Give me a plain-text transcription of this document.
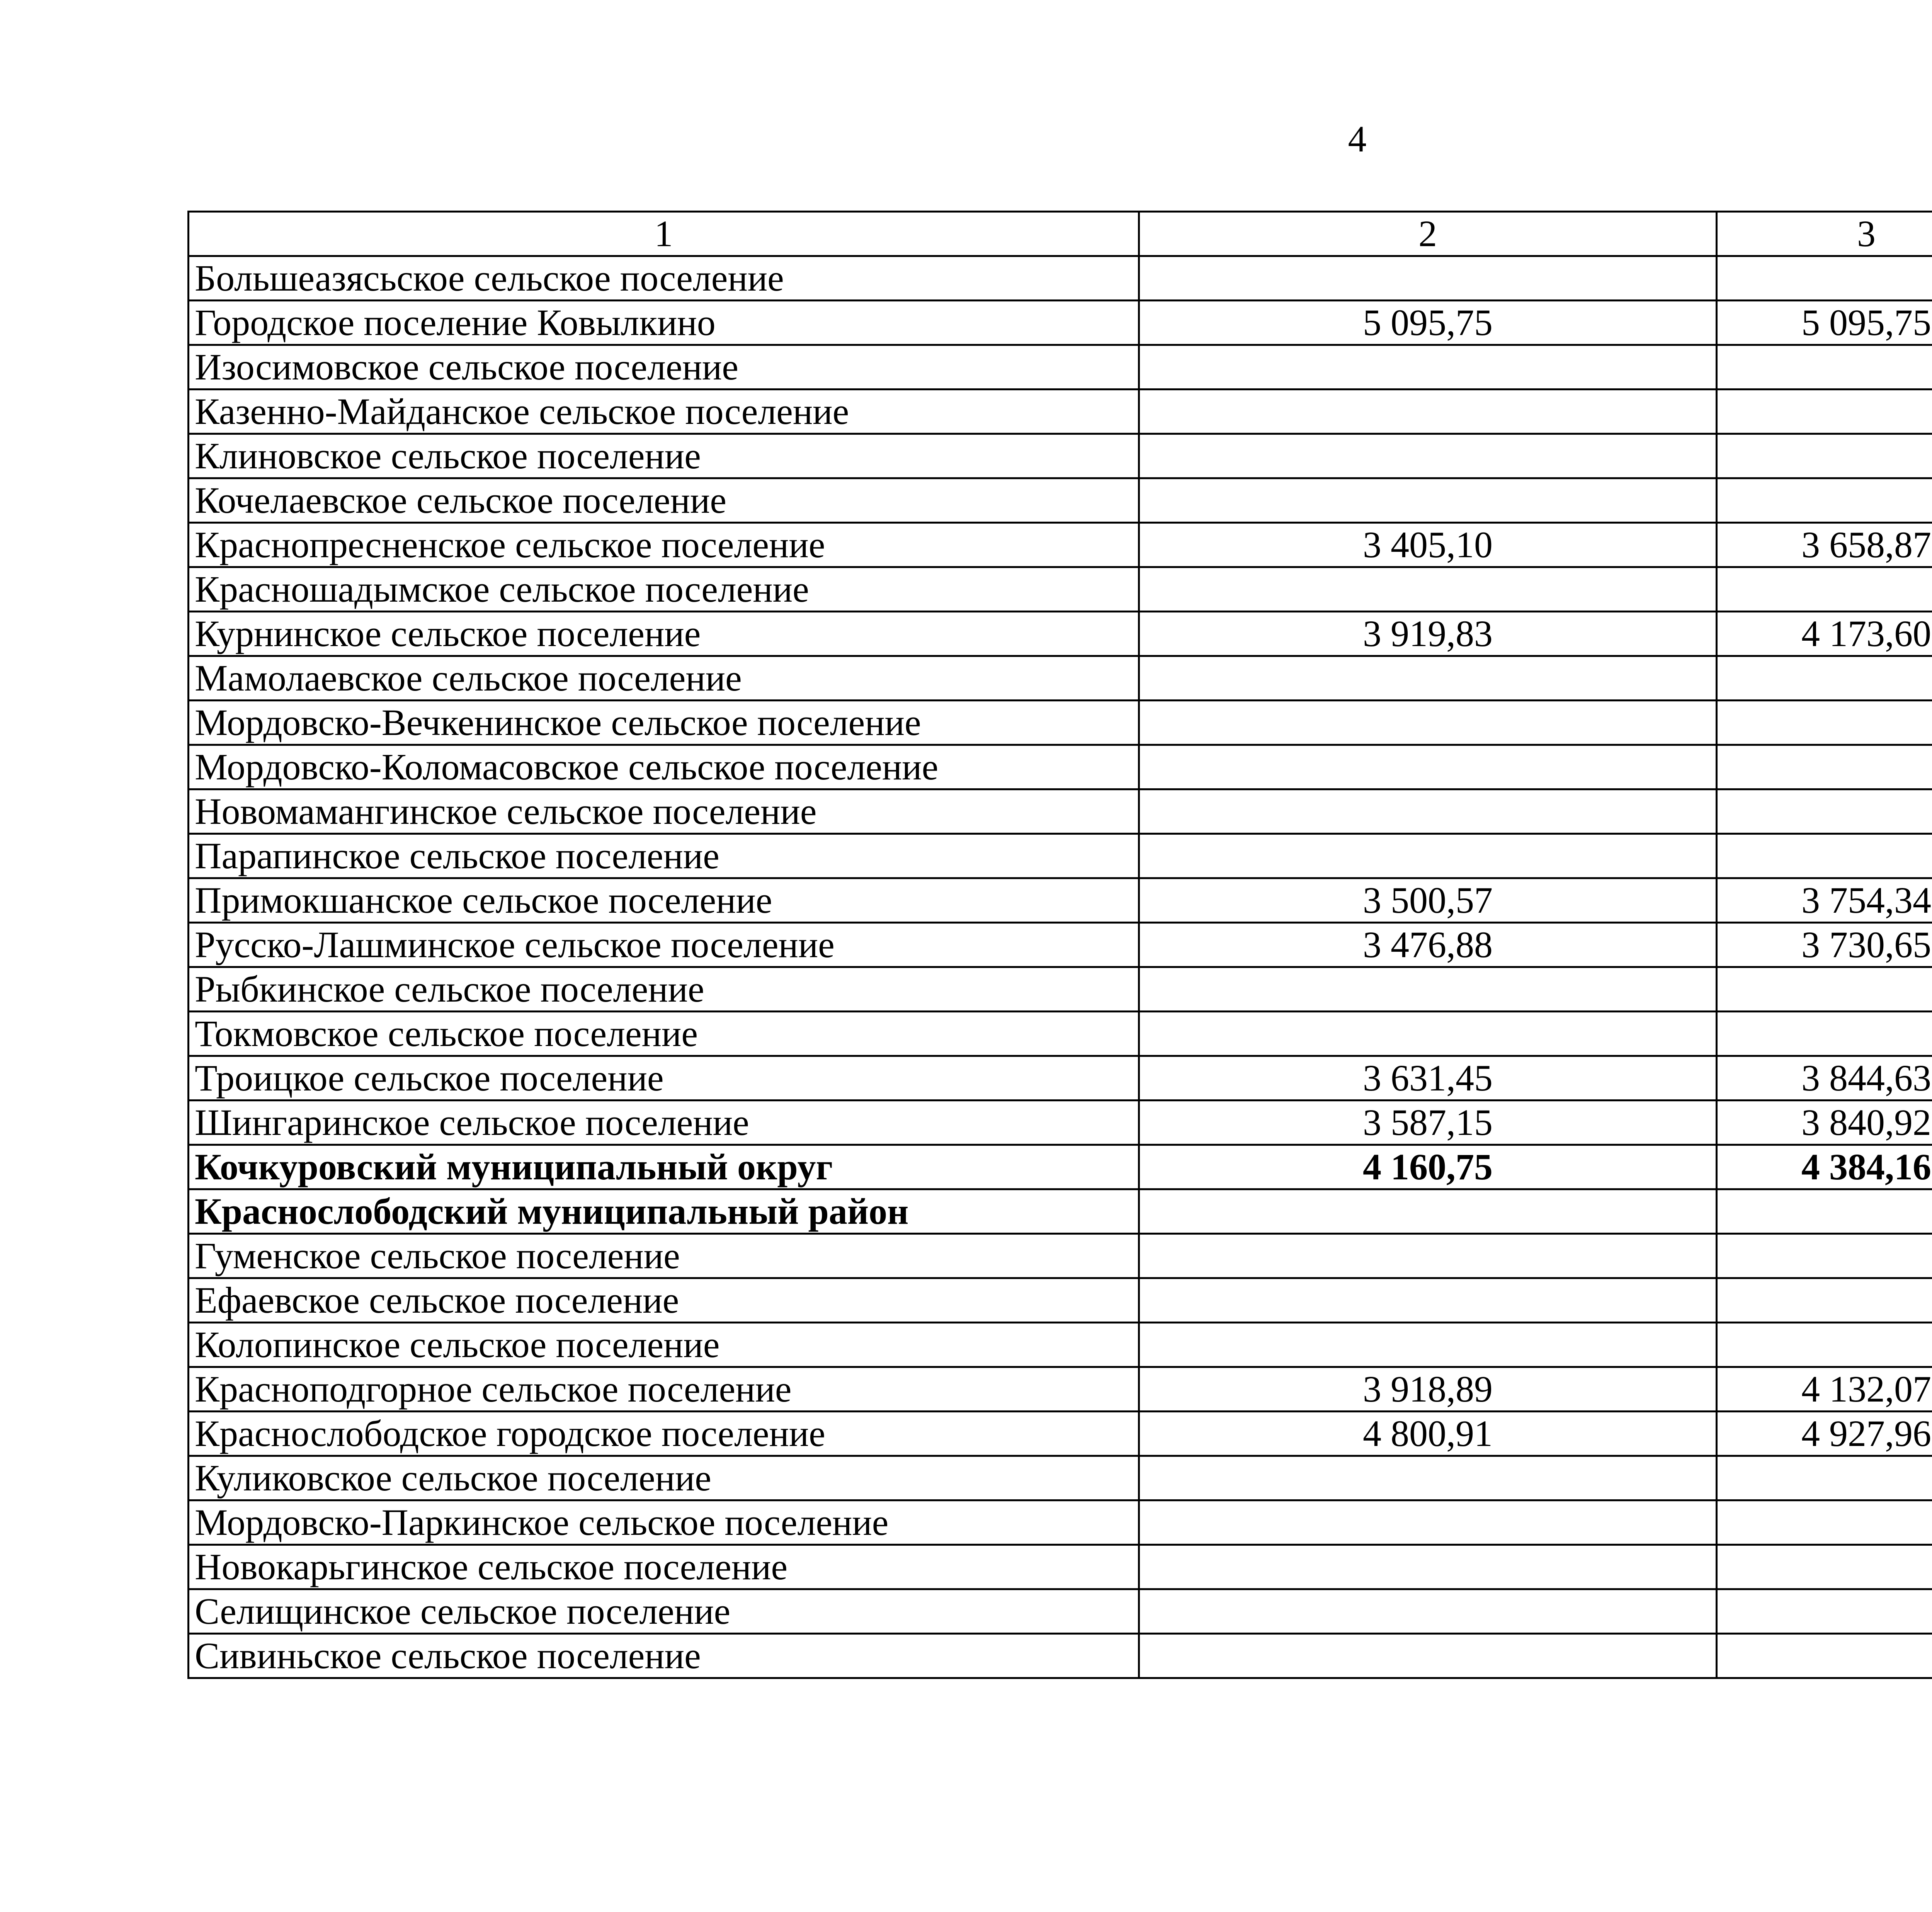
4
1	2	3		
Большеазясьское сельское поселение				
Городское поселение Ковылкино	5 095,75	5 095,75		
Изосимовское сельское поселение				
Казенно-Майданское сельское поселение				
Клиновское сельское поселение				
Кочелаевское сельское поселение				
Краснопресненское сельское поселение	3 405,10	3 658,87		
Красношадымское сельское поселение				
Курнинское сельское поселение	3 919,83	4 173,60		
Мамолаевское сельское поселение				
Мордовско-Вечкенинское сельское поселение				
Мордовско-Коломасовское сельское поселение				
Новомамангинское сельское поселение				
Парапинское сельское поселение				
Примокшанское сельское поселение	3 500,57	3 754,34		
Русско-Лашминское сельское поселение	3 476,88	3 730,65		
Рыбкинское сельское поселение				
Токмовское сельское поселение				
Троицкое сельское поселение	3 631,45	3 844,63		
Шингаринское сельское поселение	3 587,15	3 840,92		
Кочкуровский муниципальный округ	4 160,75	4 384,16		
Краснослободский муниципальный район				
Гуменское сельское поселение				
Ефаевское сельское поселение				
Колопинское сельское поселение				
Красноподгорное сельское поселение	3 918,89	4 132,07		
Краснослободское городское поселение	4 800,91	4 927,96		
Куликовское сельское поселение				
Мордовско-Паркинское сельское поселение				
Новокарьгинское сельское поселение				
Селищинское сельское поселение				
Сивиньское сельское поселение				
